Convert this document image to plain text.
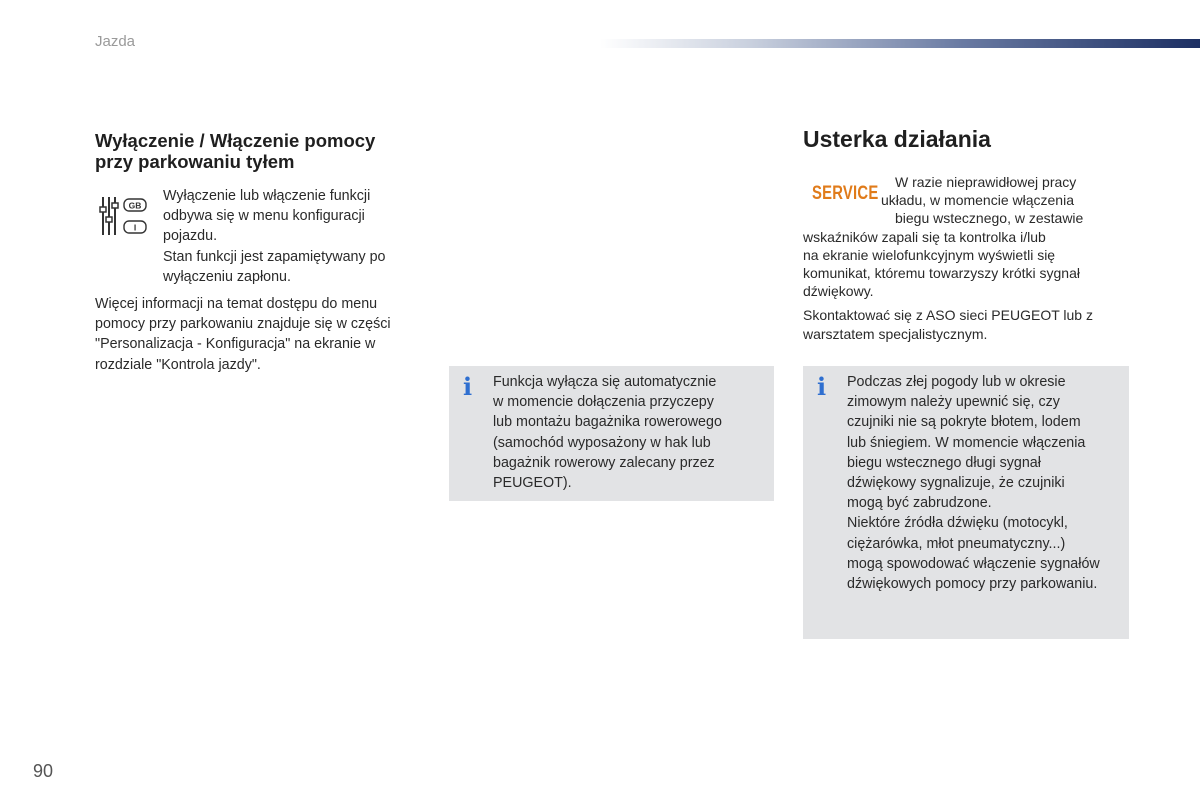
Jazda
Wyłączenie / Włączenie pomocy
przy parkowaniu tyłem
GB
I

Wyłączenie lub włączenie funkcji
odbywa się w menu konfiguracji
pojazdu.
Stan funkcji jest zapamiętywany po
wyłączeniu zapłonu.

Więcej informacji na temat dostępu do menu
pomocy przy parkowaniu znajduje się w części
"Personalizacja - Konfiguracja" na ekranie w
rozdziale "Kontrola jazdy".

i Funkcja wyłącza się automatycznie
w momencie dołączenia przyczepy
lub montażu bagażnika rowerowego
(samochód wyposażony w hak lub
bagażnik rowerowy zalecany przez
PEUGEOT).

Usterka działania
SERVICE

W razie nieprawidłowej pracy
układu, w momencie włączenia
biegu wstecznego, w zestawie
wskaźników zapali się ta kontrolka i/lub
na ekranie wielofunkcyjnym wyświetli się
komunikat, któremu towarzyszy krótki sygnał
dźwiękowy.

Skontaktować się z ASO sieci PEUGEOT lub z
warsztatem specjalistycznym.

i Podczas złej pogody lub w okresie
zimowym należy upewnić się, czy
czujniki nie są pokryte błotem, lodem
lub śniegiem. W momencie włączenia
biegu wstecznego długi sygnał
dźwiękowy sygnalizuje, że czujniki
mogą być zabrudzone.
Niektóre źródła dźwięku (motocykl,
ciężarówka, młot pneumatyczny...)
mogą spowodować włączenie sygnałów
dźwiękowych pomocy przy parkowaniu.

90
